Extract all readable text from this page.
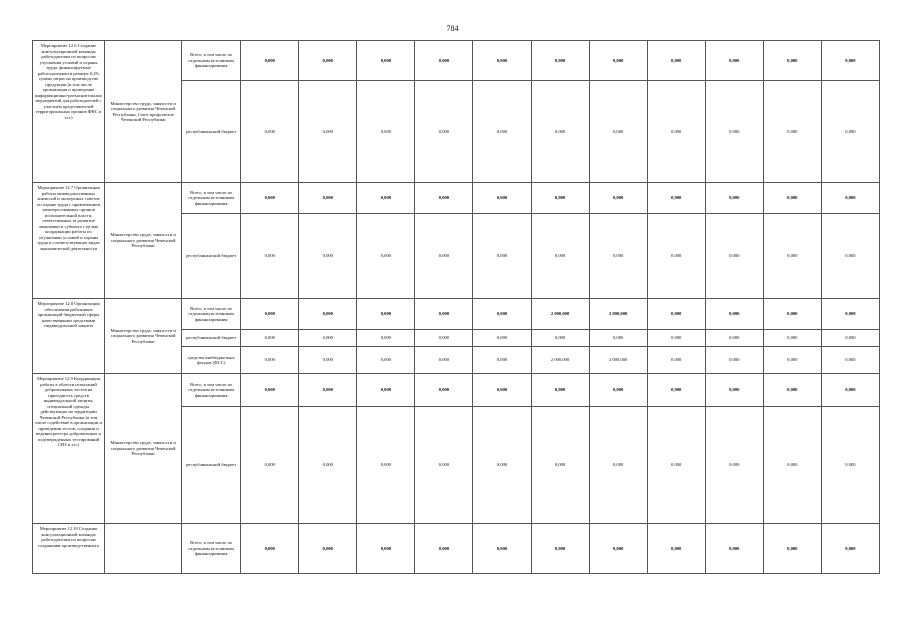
784
Мероприятие 12.6 Создание консультационной команды работодателям по вопросам улучшения условий и охраны труда, финансируемые работодателями в размере 0,2% суммы затрат на производство продукции (в том числе организация и проведение информационно-разъяснительных мероприятий для работодателей с участием представителей территориальных органов ФНС и т.п.)	Министерство труда, занятости и социального развития Чеченской Республики, Союз профсоюзов Чеченской Республики	Всего, в том числе по отдельным источникам финансирования	0,000	0,000	0,000	0,000	0,000	0,000	0,000	0,000	0,000	0,000	0,000
		республиканский бюджет	0,000	0,000	0,000	0,000	0,000	0,000	0,000	0,000	0,000	0,000	0,000
Мероприятие 12.7 Организация работы межведомственных комиссий и экспертных советов по охране труда с привлечением заинтересованных органов исполнительной власти, ответственных за развитие экономики и субъекта с целью координации работы по улучшению условий и охраны труда в соответствующих видах экономической деятельности	Министерство труда, занятости и социального развития Чеченской Республики	Всего, в том числе по отдельным источникам финансирования	0,000	0,000	0,000	0,000	0,000	0,000	0,000	0,000	0,000	0,000	0,000
		республиканский бюджет	0,000	0,000	0,000	0,000	0,000	0,000	0,000	0,000	0,000	0,000	0,000
Мероприятие 12.8 Организация обеспечения работников организаций бюджетной сферы качественными средствами индивидуальной защиты	Министерство труда, занятости и социального развития Чеченской Республики	Всего, в том числе по отдельным источникам финансирования	0,000	0,000	0,000	0,000	0,000	2 000,000	2 000,000	0,000	0,000	0,000	0,000
		республиканский бюджет	0,000	0,000	0,000	0,000	0,000	0,000	0,000	0,000	0,000	0,000	0,000
		средства внебюджетных фондов (ФСС)	0,000	0,000	0,000	0,000	0,000	2 000,000	2 000,000	0,000	0,000	0,000	0,000
Мероприятие 12.9 Координация работы в области испытаний добровольных тестов на пригодность средств индивидуальной защиты, специальной одежды, действующих на территории Чеченской Республики (в том числе содействие в организации и проведении тестов, создании и ведении реестра добровольных и подтвержденных тестирований СИЗ и т.п.)	Министерство труда, занятости и социального развития Чеченской Республики	Всего, в том числе по отдельным источникам финансирования	0,000	0,000	0,000	0,000	0,000	0,000	0,000	0,000	0,000	0,000	0,000
		республиканский бюджет	0,000	0,000	0,000	0,000	0,000	0,000	0,000	0,000	0,000	0,000	0,000
Мероприятие 12.10 Создание консультационной команды работодателям по вопросам сохранения производственного		Всего, в том числе по отдельным источникам финансирования	0,000	0,000	0,000	0,000	0,000	0,000	0,000	0,000	0,000	0,000	0,000
